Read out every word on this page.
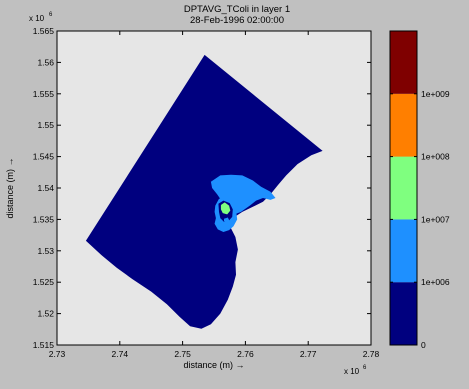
DPTAVG_TColi in layer 1
28-Feb-1996 02:00:00
x 10 6
2.73	2.74	2.75	2.76	2.77	2.78
1.515
1.52
1.525
1.53
1.535
1.54
1.545
1.55
1.555
1.56
1.565
distance (m) →
distance (m) →
x 10 6
0
1e+006
1e+007
1e+008
1e+009
